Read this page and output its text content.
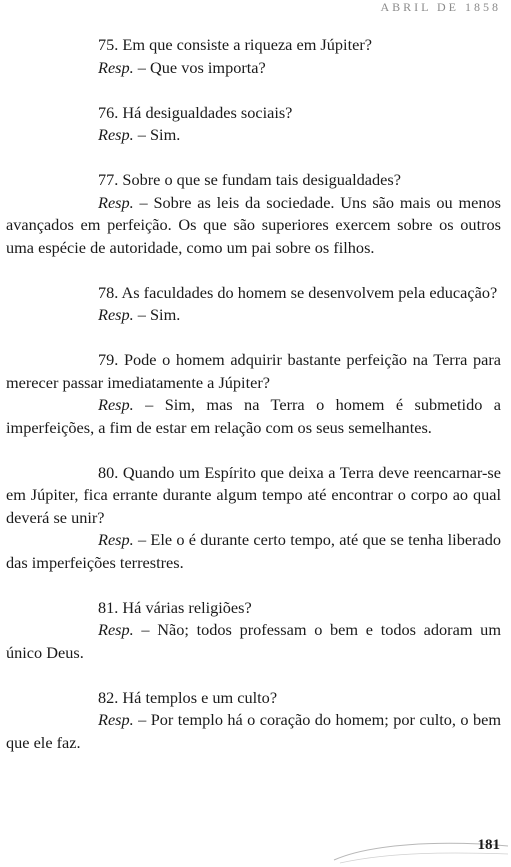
ABRIL DE 1858

75. Em que consiste a riqueza em Júpiter?

Resp. – Que vos importa?

76. Há desigualdades sociais?

Resp. – Sim.

77. Sobre o que se fundam tais desigualdades?

Resp. – Sobre as leis da sociedade. Uns são mais ou menos avançados em perfeição. Os que são superiores exercem sobre os outros uma espécie de autoridade, como um pai sobre os filhos.

78. As faculdades do homem se desenvolvem pela educação?

Resp. – Sim.

79. Pode o homem adquirir bastante perfeição na Terra para merecer passar imediatamente a Júpiter?

Resp. – Sim, mas na Terra o homem é submetido a imperfeições, a fim de estar em relação com os seus semelhantes.

80. Quando um Espírito que deixa a Terra deve reencarnar-se em Júpiter, fica errante durante algum tempo até encontrar o corpo ao qual deverá se unir?

Resp. – Ele o é durante certo tempo, até que se tenha liberado das imperfeições terrestres.

81. Há várias religiões?

Resp. – Não; todos professam o bem e todos adoram um único Deus.

82. Há templos e um culto?

Resp. – Por templo há o coração do homem; por culto, o bem que ele faz.

181
